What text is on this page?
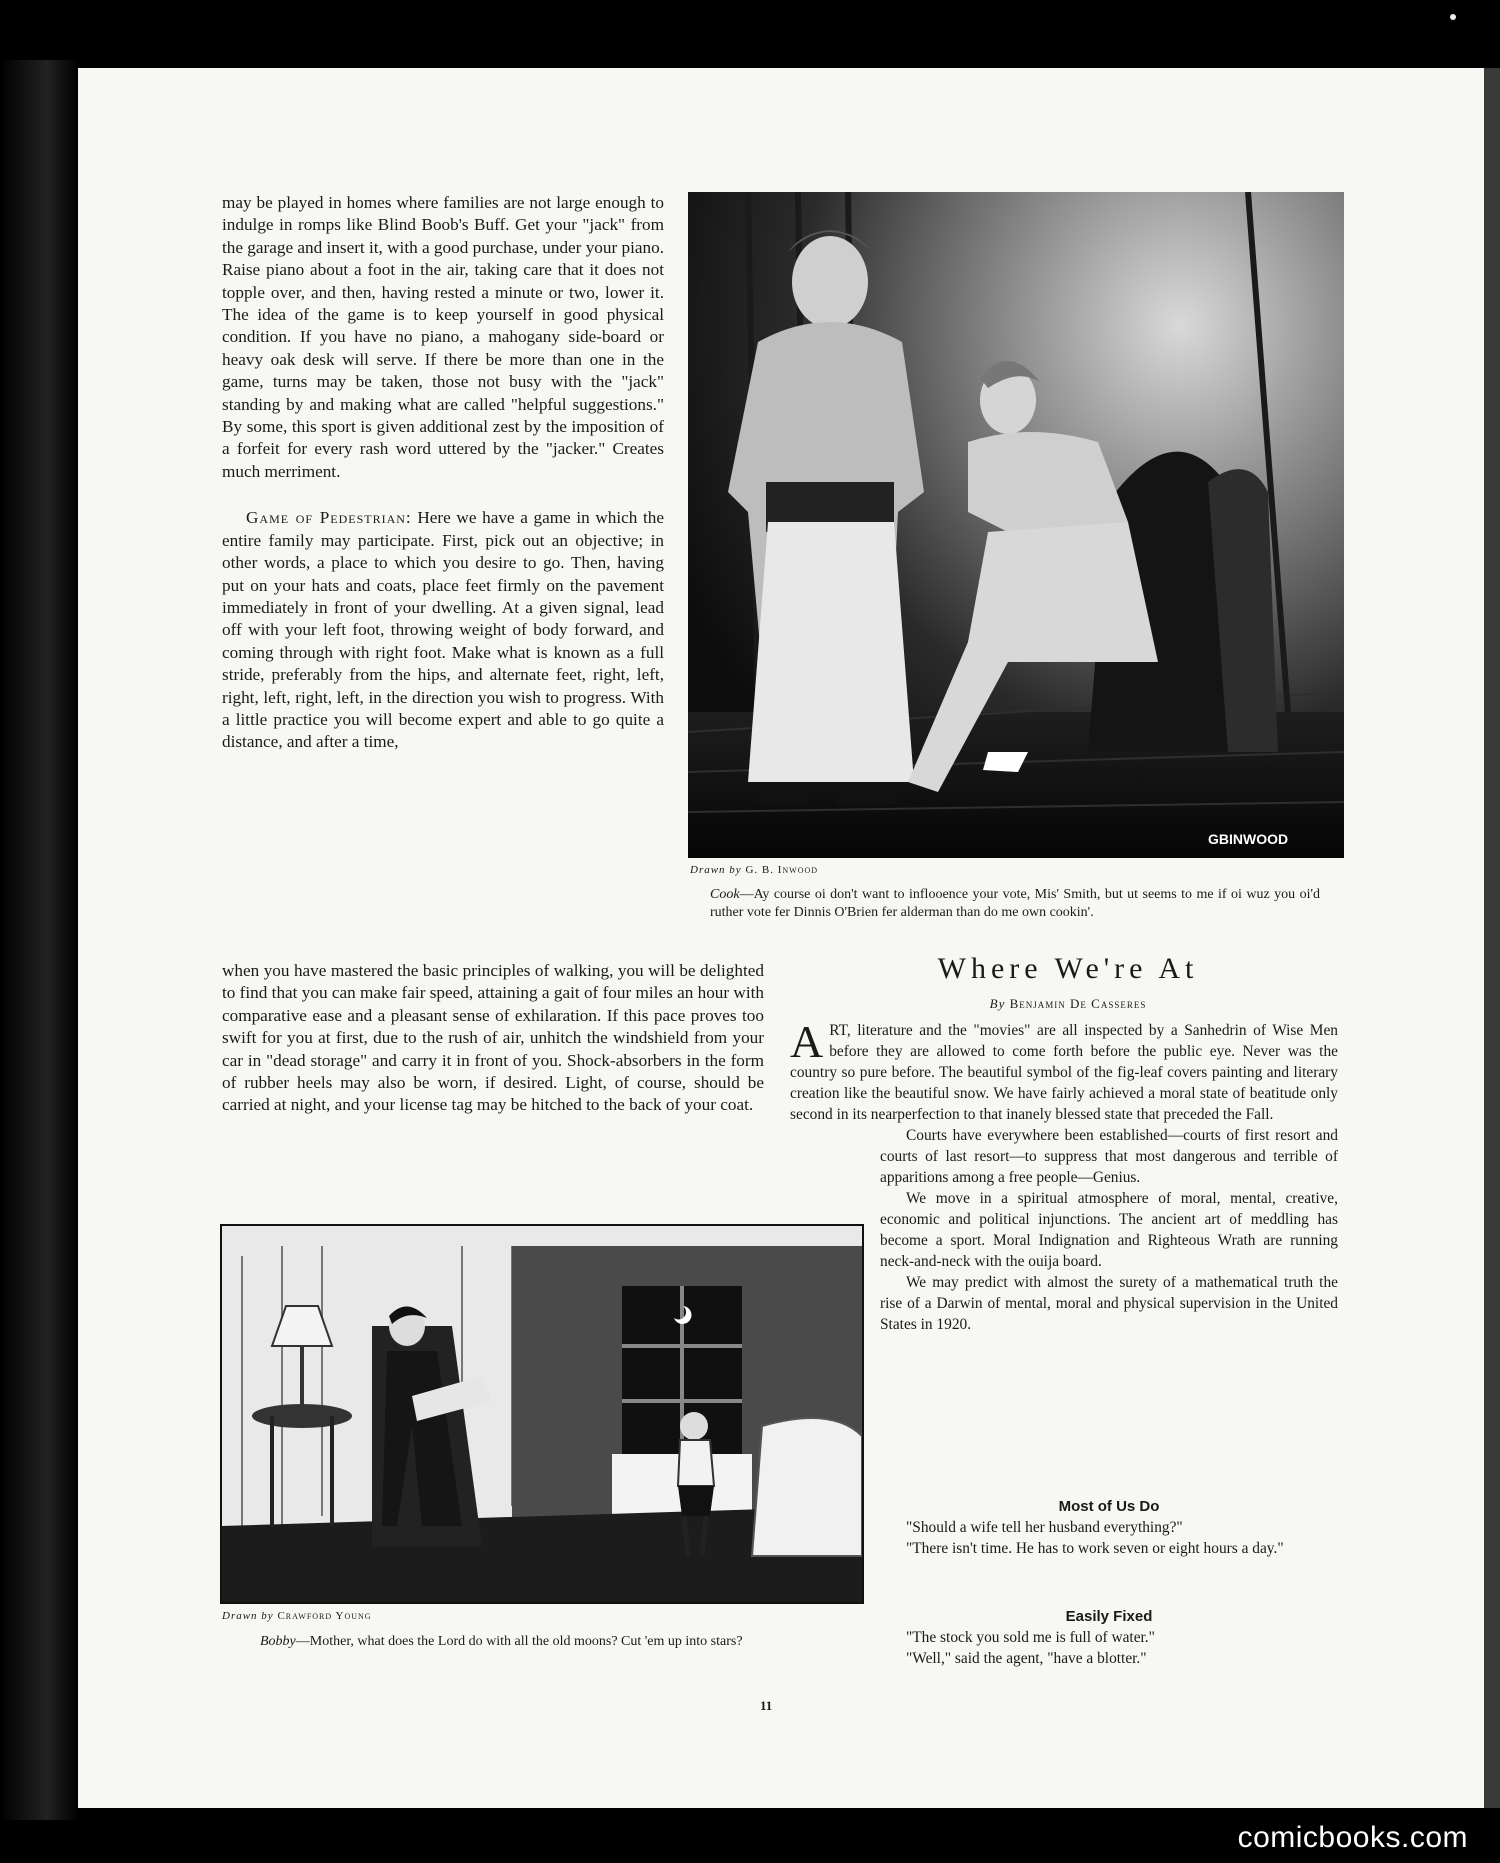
may be played in homes where families are not large enough to indulge in romps like Blind Boob's Buff. Get your "jack" from the garage and insert it, with a good purchase, under your piano. Raise piano about a foot in the air, taking care that it does not topple over, and then, having rested a minute or two, lower it. The idea of the game is to keep yourself in good physical condition. If you have no piano, a mahogany side-board or heavy oak desk will serve. If there be more than one in the game, turns may be taken, those not busy with the "jack" standing by and making what are called "helpful suggestions." By some, this sport is given additional zest by the imposition of a forfeit for every rash word uttered by the "jacker." Creates much merriment.

Game of Pedestrian: Here we have a game in which the entire family may participate. First, pick out an objective; in other words, a place to which you desire to go. Then, having put on your hats and coats, place feet firmly on the pavement immediately in front of your dwelling. At a given signal, lead off with your left foot, throwing weight of body forward, and coming through with right foot. Make what is known as a full stride, preferably from the hips, and alternate feet, right, left, right, left, right, left, in the direction you wish to progress. With a little practice you will become expert and able to go quite a distance, and after a time,

when you have mastered the basic principles of walking, you will be delighted to find that you can make fair speed, attaining a gait of four miles an hour with comparative ease and a pleasant sense of exhilaration. If this pace proves too swift for you at first, due to the rush of air, unhitch the windshield from your car in "dead storage" and carry it in front of you. Shock-absorbers in the form of rubber heels may also be worn, if desired. Light, of course, should be carried at night, and your license tag may be hitched to the back of your coat.

GBINWOOD
Drawn by G. B. Inwood

Cook—Ay course oi don't want to inflooence your vote, Mis' Smith, but ut seems to me if oi wuz you oi'd ruther vote fer Dinnis O'Brien fer alderman than do me own cookin'.

Where We're At
By Benjamin De Casseres

ART, literature and the "movies" are all inspected by a Sanhedrin of Wise Men before they are allowed to come forth before the public eye. Never was the country so pure before. The beautiful symbol of the fig-leaf covers painting and literary creation like the beautiful snow. We have fairly achieved a moral state of beatitude only second in its nearperfection to that inanely blessed state that preceded the Fall.

Courts have everywhere been established—courts of first resort and courts of last resort—to suppress that most dangerous and terrible of apparitions among a free people—Genius.

We move in a spiritual atmosphere of moral, mental, creative, economic and political injunctions. The ancient art of meddling has become a sport. Moral Indignation and Righteous Wrath are running neck-and-neck with the ouija board.

We may predict with almost the surety of a mathematical truth the rise of a Darwin of mental, moral and physical supervision in the United States in 1920.

Most of Us Do

"Should a wife tell her husband everything?"

"There isn't time. He has to work seven or eight hours a day."

Easily Fixed

"The stock you sold me is full of water."

"Well," said the agent, "have a blotter."

Drawn by Crawford Young

Bobby—Mother, what does the Lord do with all the old moons? Cut 'em up into stars?

11
comicbooks.com
